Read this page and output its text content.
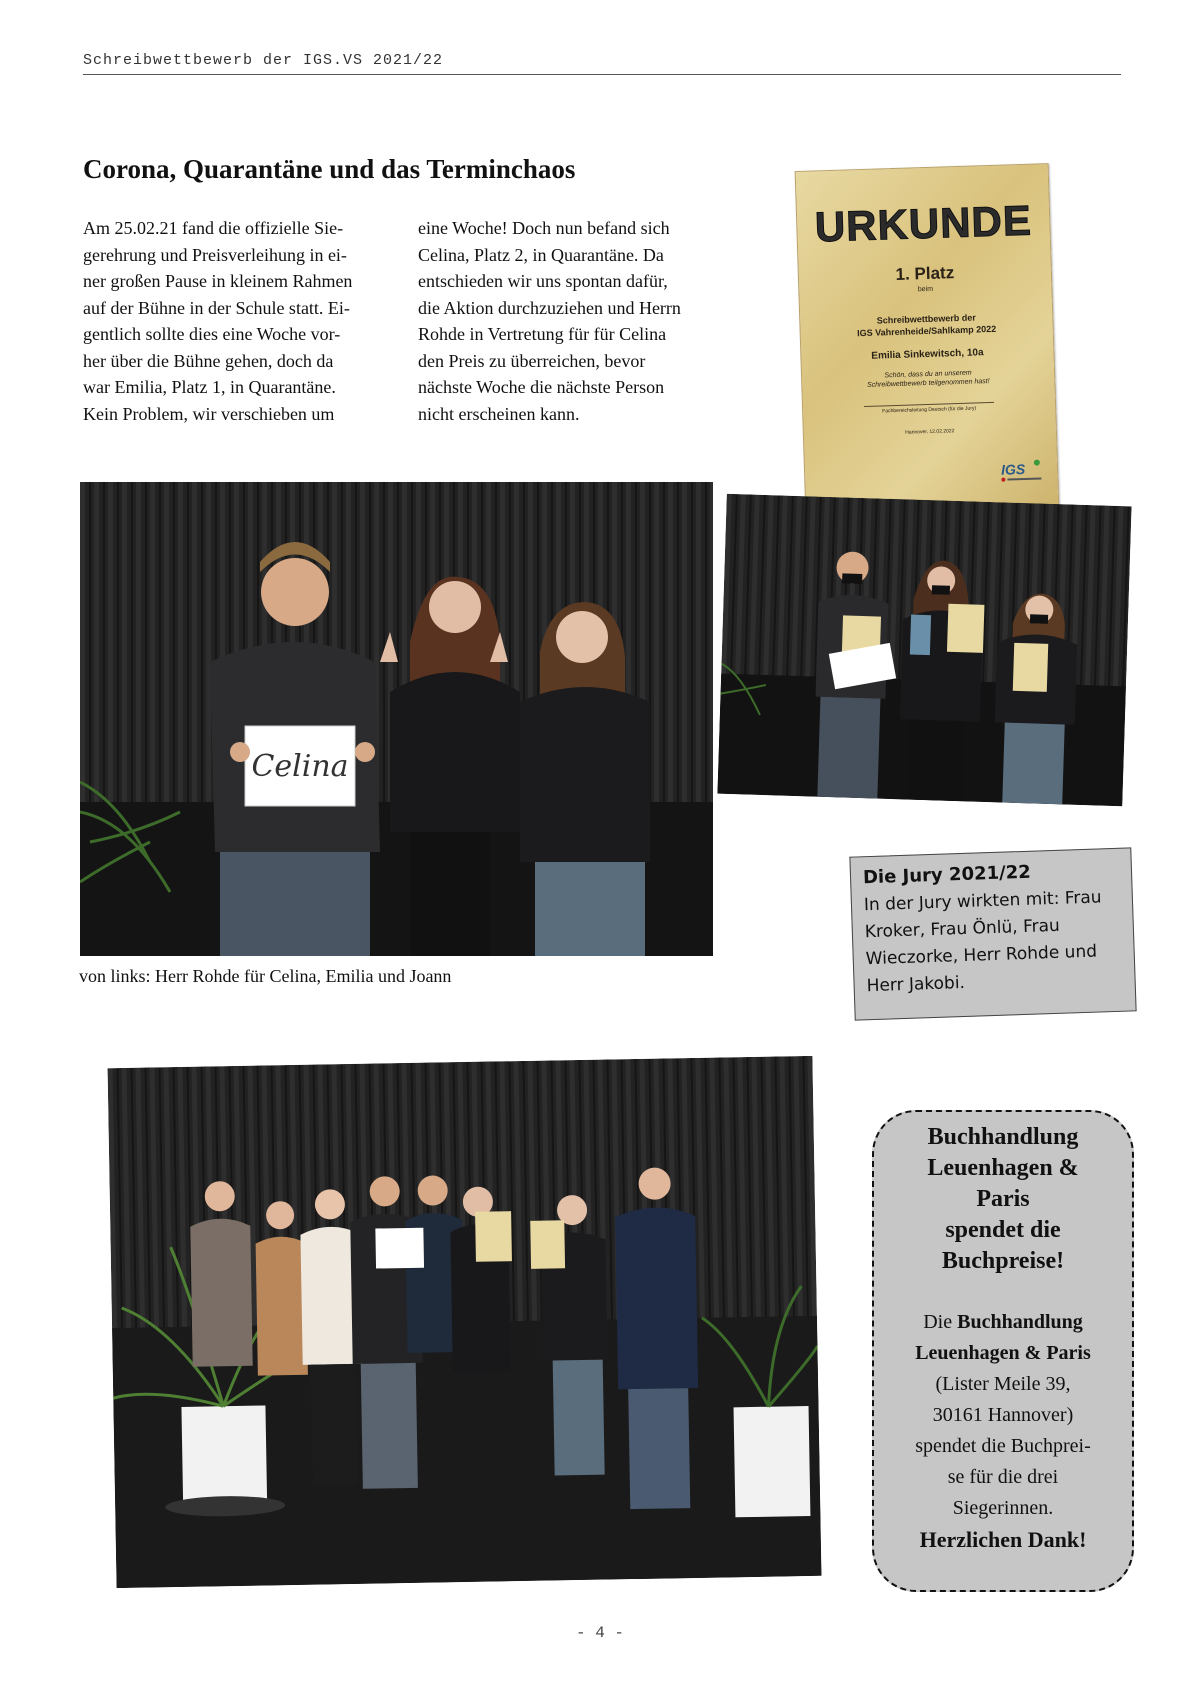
Schreibwettbewerb der IGS.VS 2021/22
Corona, Quarantäne und das Terminchaos
Am 25.02.21 fand die offizielle Sie-
gerehrung und Preisverleihung in ei-
ner großen Pause in kleinem Rahmen
auf der Bühne in der Schule statt. Ei-
gentlich sollte dies eine Woche vor-
her über die Bühne gehen, doch da
war Emilia, Platz 1, in Quarantäne.
Kein Problem, wir verschieben um
eine Woche! Doch nun befand sich
Celina, Platz 2, in Quarantäne. Da
entschieden wir uns spontan dafür,
die Aktion durchzuziehen und Herrn
Rohde in Vertretung für für Celina
den Preis zu überreichen, bevor
nächste Woche die nächste Person
nicht erscheinen kann.
URKUNDE
1. Platz
beim
Schreibwettbewerb der
IGS Vahrenheide/Sahlkamp 2022
Emilia Sinkewitsch, 10a
Schön, dass du an unserem
Schreibwettbewerb teilgenommen hast!
Fachbereichsleitung Deutsch (für die Jury)
Hannover, 12.02.2022
IGS
Celina
von links: Herr Rohde für Celina, Emilia und Joann
Die Jury 2021/22
In der Jury wirkten mit: Frau
Kroker, Frau Önlü, Frau
Wieczorke, Herr Rohde und
Herr Jakobi.
Buchhandlung
Leuenhagen &
Paris
spendet die
Buchpreise!
Die Buchhandlung
Leuenhagen & Paris
(Lister Meile 39,
30161 Hannover)
spendet die Buchprei-
se für die drei
Siegerinnen.
Herzlichen Dank!
- 4 -
